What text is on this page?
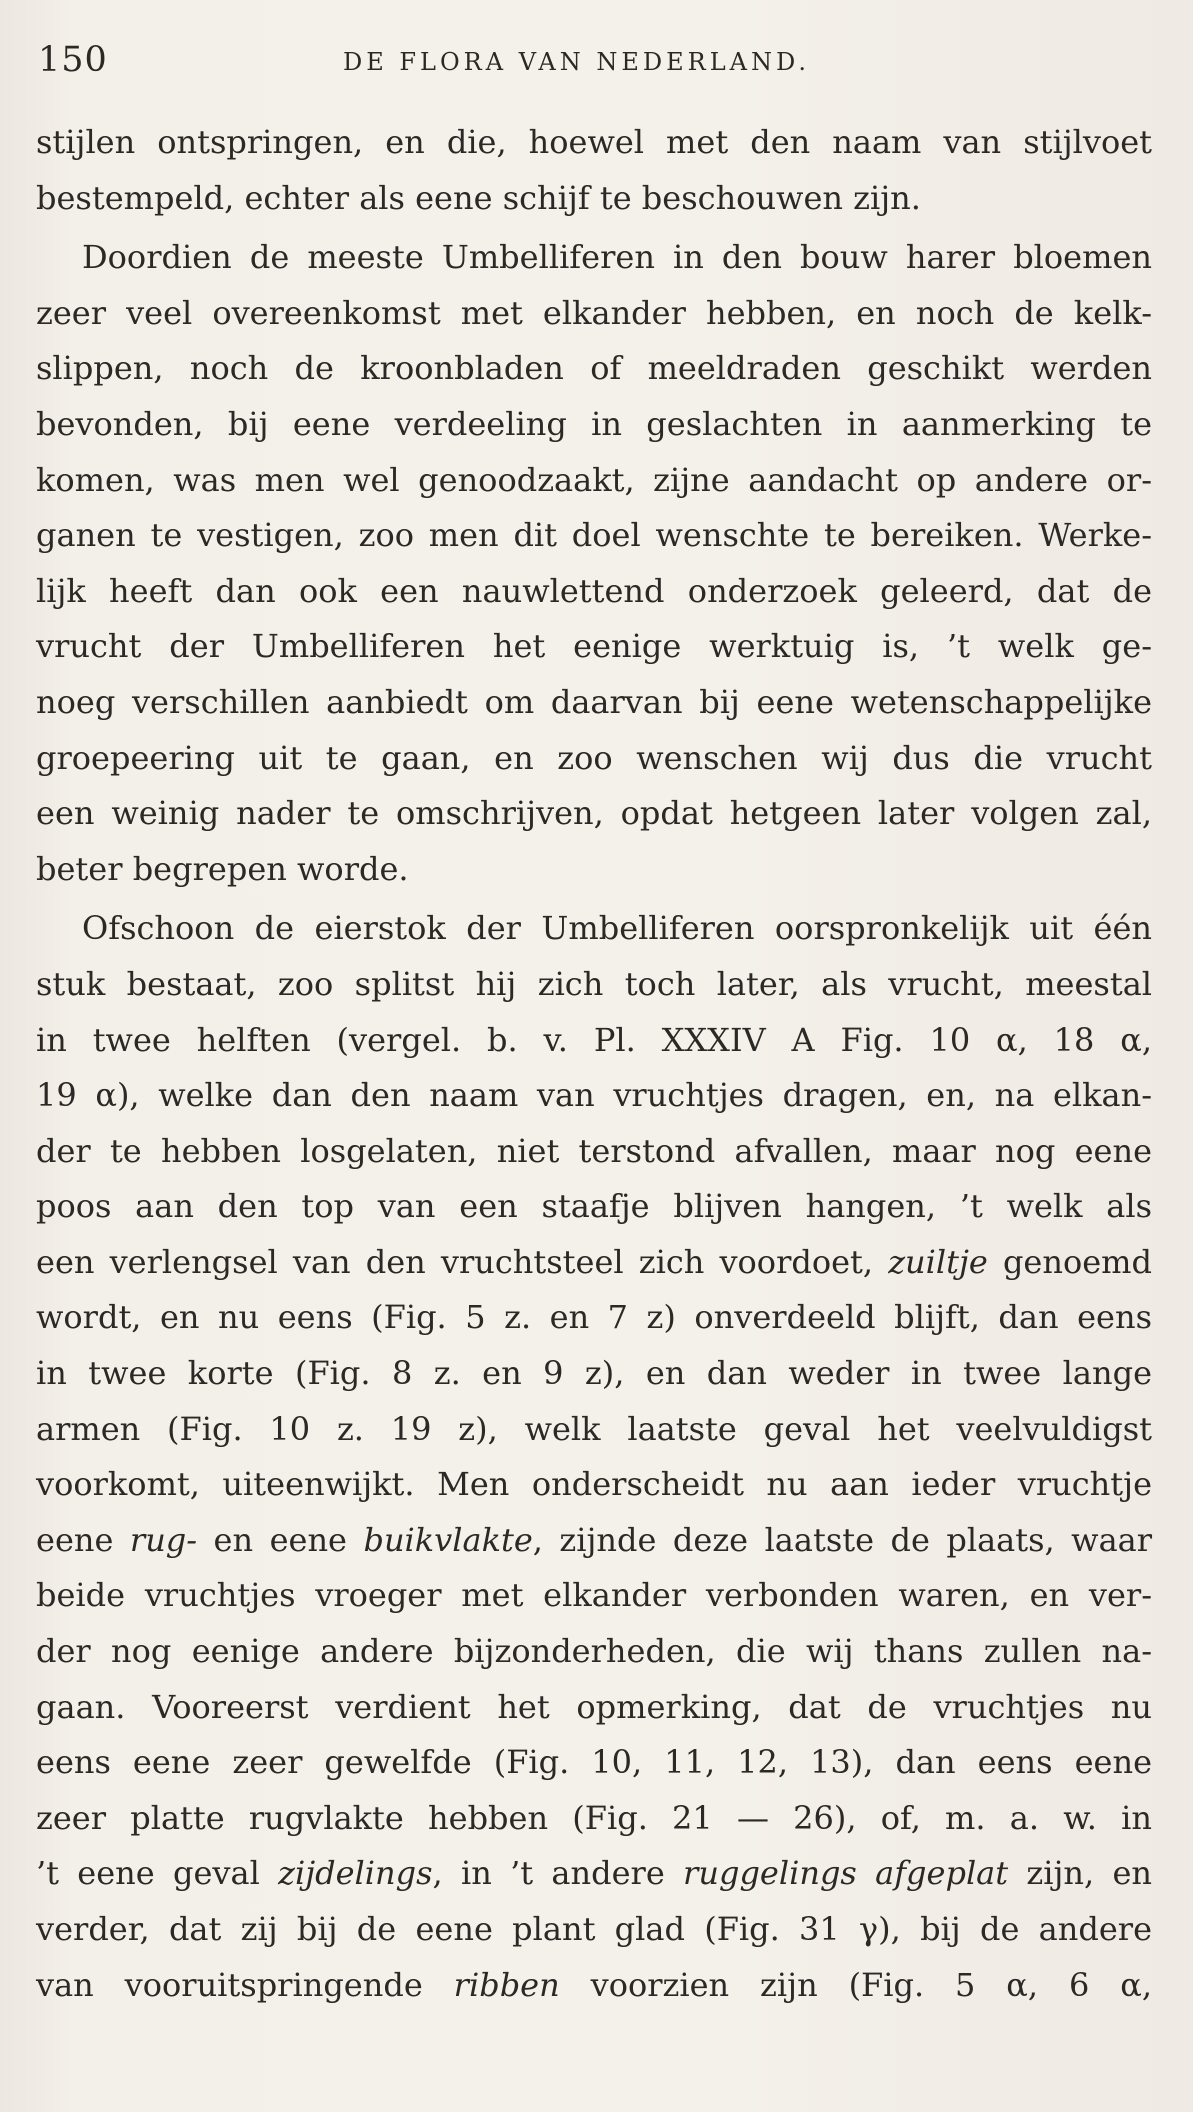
150	DE FLORA VAN NEDERLAND.
stijlen ontspringen, en die, hoewel met den naam van stijlvoet
bestempeld, echter als eene schijf te beschouwen zijn.
Doordien de meeste Umbelliferen in den bouw harer bloemen
zeer veel overeenkomst met elkander hebben, en noch de kelk-
slippen, noch de kroonbladen of meeldraden geschikt werden
bevonden, bij eene verdeeling in geslachten in aanmerking te
komen, was men wel genoodzaakt, zijne aandacht op andere or-
ganen te vestigen, zoo men dit doel wenschte te bereiken. Werke-
lijk heeft dan ook een nauwlettend onderzoek geleerd, dat de
vrucht der Umbelliferen het eenige werktuig is, ’t welk ge-
noeg verschillen aanbiedt om daarvan bij eene wetenschappelijke
groepeering uit te gaan, en zoo wenschen wij dus die vrucht
een weinig nader te omschrijven, opdat hetgeen later volgen zal,
beter begrepen worde.
Ofschoon de eierstok der Umbelliferen oorspronkelijk uit één
stuk bestaat, zoo splitst hij zich toch later, als vrucht, meestal
in twee helften (vergel. b. v. Pl. XXXIV A Fig. 10 α, 18 α,
19 α), welke dan den naam van vruchtjes dragen, en, na elkan-
der te hebben losgelaten, niet terstond afvallen, maar nog eene
poos aan den top van een staafje blijven hangen, ’t welk als
een verlengsel van den vruchtsteel zich voordoet, zuiltje genoemd
wordt, en nu eens (Fig. 5 z. en 7 z) onverdeeld blijft, dan eens
in twee korte (Fig. 8 z. en 9 z), en dan weder in twee lange
armen (Fig. 10 z. 19 z), welk laatste geval het veelvuldigst
voorkomt, uiteenwijkt. Men onderscheidt nu aan ieder vruchtje
eene rug- en eene buikvlakte, zijnde deze laatste de plaats, waar
beide vruchtjes vroeger met elkander verbonden waren, en ver-
der nog eenige andere bijzonderheden, die wij thans zullen na-
gaan. Vooreerst verdient het opmerking, dat de vruchtjes nu
eens eene zeer gewelfde (Fig. 10, 11, 12, 13), dan eens eene
zeer platte rugvlakte hebben (Fig. 21 — 26), of, m. a. w. in
’t eene geval zijdelings, in ’t andere ruggelings afgeplat zijn, en
verder, dat zij bij de eene plant glad (Fig. 31 γ), bij de andere
van vooruitspringende ribben voorzien zijn (Fig. 5 α, 6 α,
